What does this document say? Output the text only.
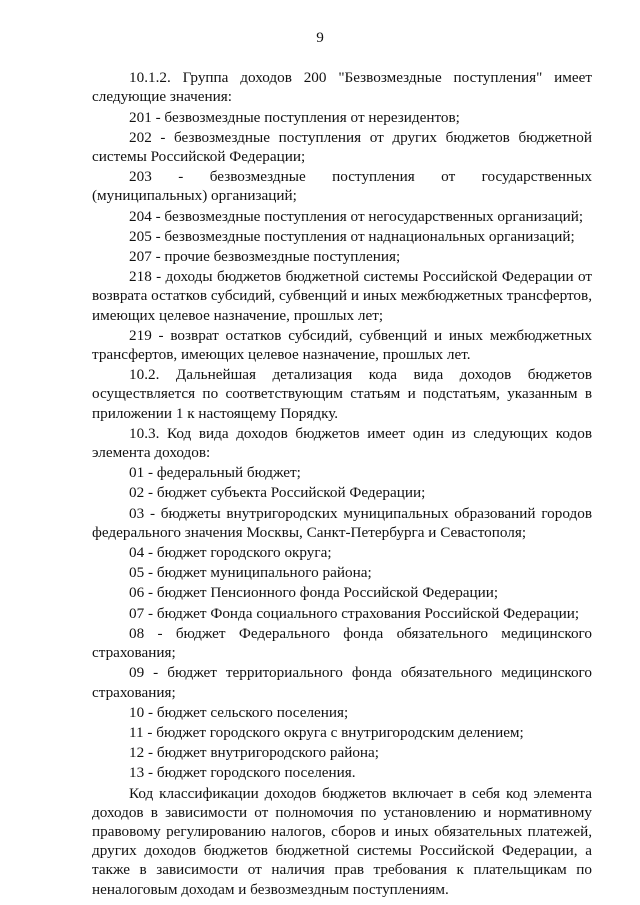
9

10.1.2. Группа доходов 200 "Безвозмездные поступления" имеет следующие значения:

201 - безвозмездные поступления от нерезидентов;

202 - безвозмездные поступления от других бюджетов бюджетной системы Российской Федерации;

203 - безвозмездные поступления от государственных (муниципальных) организаций;

204 - безвозмездные поступления от негосударственных организаций;

205 - безвозмездные поступления от наднациональных организаций;

207 - прочие безвозмездные поступления;

218 - доходы бюджетов бюджетной системы Российской Федерации от возврата остатков субсидий, субвенций и иных межбюджетных трансфертов, имеющих целевое назначение, прошлых лет;

219 - возврат остатков субсидий, субвенций и иных межбюджетных трансфертов, имеющих целевое назначение, прошлых лет.

10.2. Дальнейшая детализация кода вида доходов бюджетов осуществляется по соответствующим статьям и подстатьям, указанным в приложении 1 к настоящему Порядку.

10.3. Код вида доходов бюджетов имеет один из следующих кодов элемента доходов:

01 - федеральный бюджет;

02 - бюджет субъекта Российской Федерации;

03 - бюджеты внутригородских муниципальных образований городов федерального значения Москвы, Санкт-Петербурга и Севастополя;

04 - бюджет городского округа;

05 - бюджет муниципального района;

06 - бюджет Пенсионного фонда Российской Федерации;

07 - бюджет Фонда социального страхования Российской Федерации;

08 - бюджет Федерального фонда обязательного медицинского страхования;

09 - бюджет территориального фонда обязательного медицинского страхования;

10 - бюджет сельского поселения;

11 - бюджет городского округа с внутригородским делением;

12 - бюджет внутригородского района;

13 - бюджет городского поселения.

Код классификации доходов бюджетов включает в себя код элемента доходов в зависимости от полномочия по установлению и нормативному правовому регулированию налогов, сборов и иных обязательных платежей, других доходов бюджетов бюджетной системы Российской Федерации, а также в зависимости от наличия прав требования к плательщикам по неналоговым доходам и безвозмездным поступлениям.
